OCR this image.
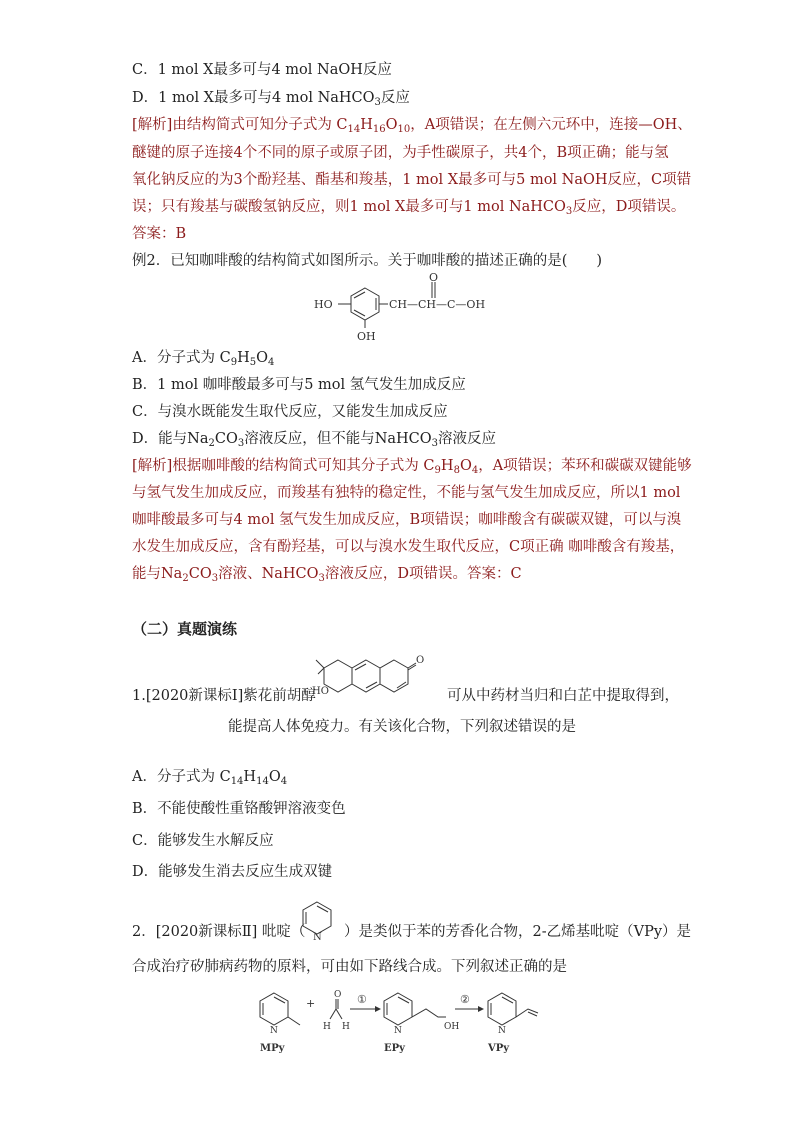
C．1 mol X最多可与4 mol NaOH反应
D．1 mol X最多可与4 mol NaHCO$_3$反应
[解析]由结构简式可知分子式为 $C_{14}H_{16}O_{10}$，A项错误；在左侧六元环中，连接—OH、
醚键的原子连接4个不同的原子或原子团，为手性碳原子，共4个，B项正确；能与氢
氧化钠反应的为3个酚羟基、酯基和羧基，1 mol X最多可与5 mol NaOH反应，C项错
误；只有羧基与碳酸氢钠反应，则1 mol X最多可与1 mol NaHCO$_3$反应，D项错误。
答案：B
例2．已知咖啡酸的结构简式如图所示。关于咖啡酸的描述正确的是(　　)
HO
OH
CH—CH—C—OH
O
A．分子式为 $C_9H_5O_4$
B．1 mol 咖啡酸最多可与5 mol 氢气发生加成反应
C．与溴水既能发生取代反应，又能发生加成反应
D．能与$Na_2CO_3$溶液反应，但不能与NaHCO$_3$溶液反应
[解析]根据咖啡酸的结构简式可知其分子式为 $C_9H_8O_4$，A项错误；苯环和碳碳双键能够
与氢气发生加成反应，而羧基有独特的稳定性，不能与氢气发生加成反应，所以1 mol
咖啡酸最多可与4 mol 氢气发生加成反应，B项错误；咖啡酸含有碳碳双键，可以与溴
水发生加成反应，含有酚羟基，可以与溴水发生取代反应，C项正确 咖啡酸含有羧基，
能与$Na_2CO_3$溶液、NaHCO$_3$溶液反应，D项错误。答案：C
（二）真题演练
1.[2020新课标Ⅰ]紫花前胡醇
HO
O
可从中药材当归和白芷中提取得到，
能提高人体免疫力。有关该化合物，下列叙述错误的是
A．分子式为 $C_{14}H_{14}O_4$
B．不能使酸性重铬酸钾溶液变色
C．能够发生水解反应
D．能够发生消去反应生成双键
2．[2020新课标Ⅱ] 吡啶（ N ）是类似于苯的芳香化合物，2-乙烯基吡啶（VPy）是
合成治疗矽肺病药物的原料，可由如下路线合成。下列叙述正确的是
N
MPy
+
H H
O ①
N	OH
EPy
②
N
VPy
